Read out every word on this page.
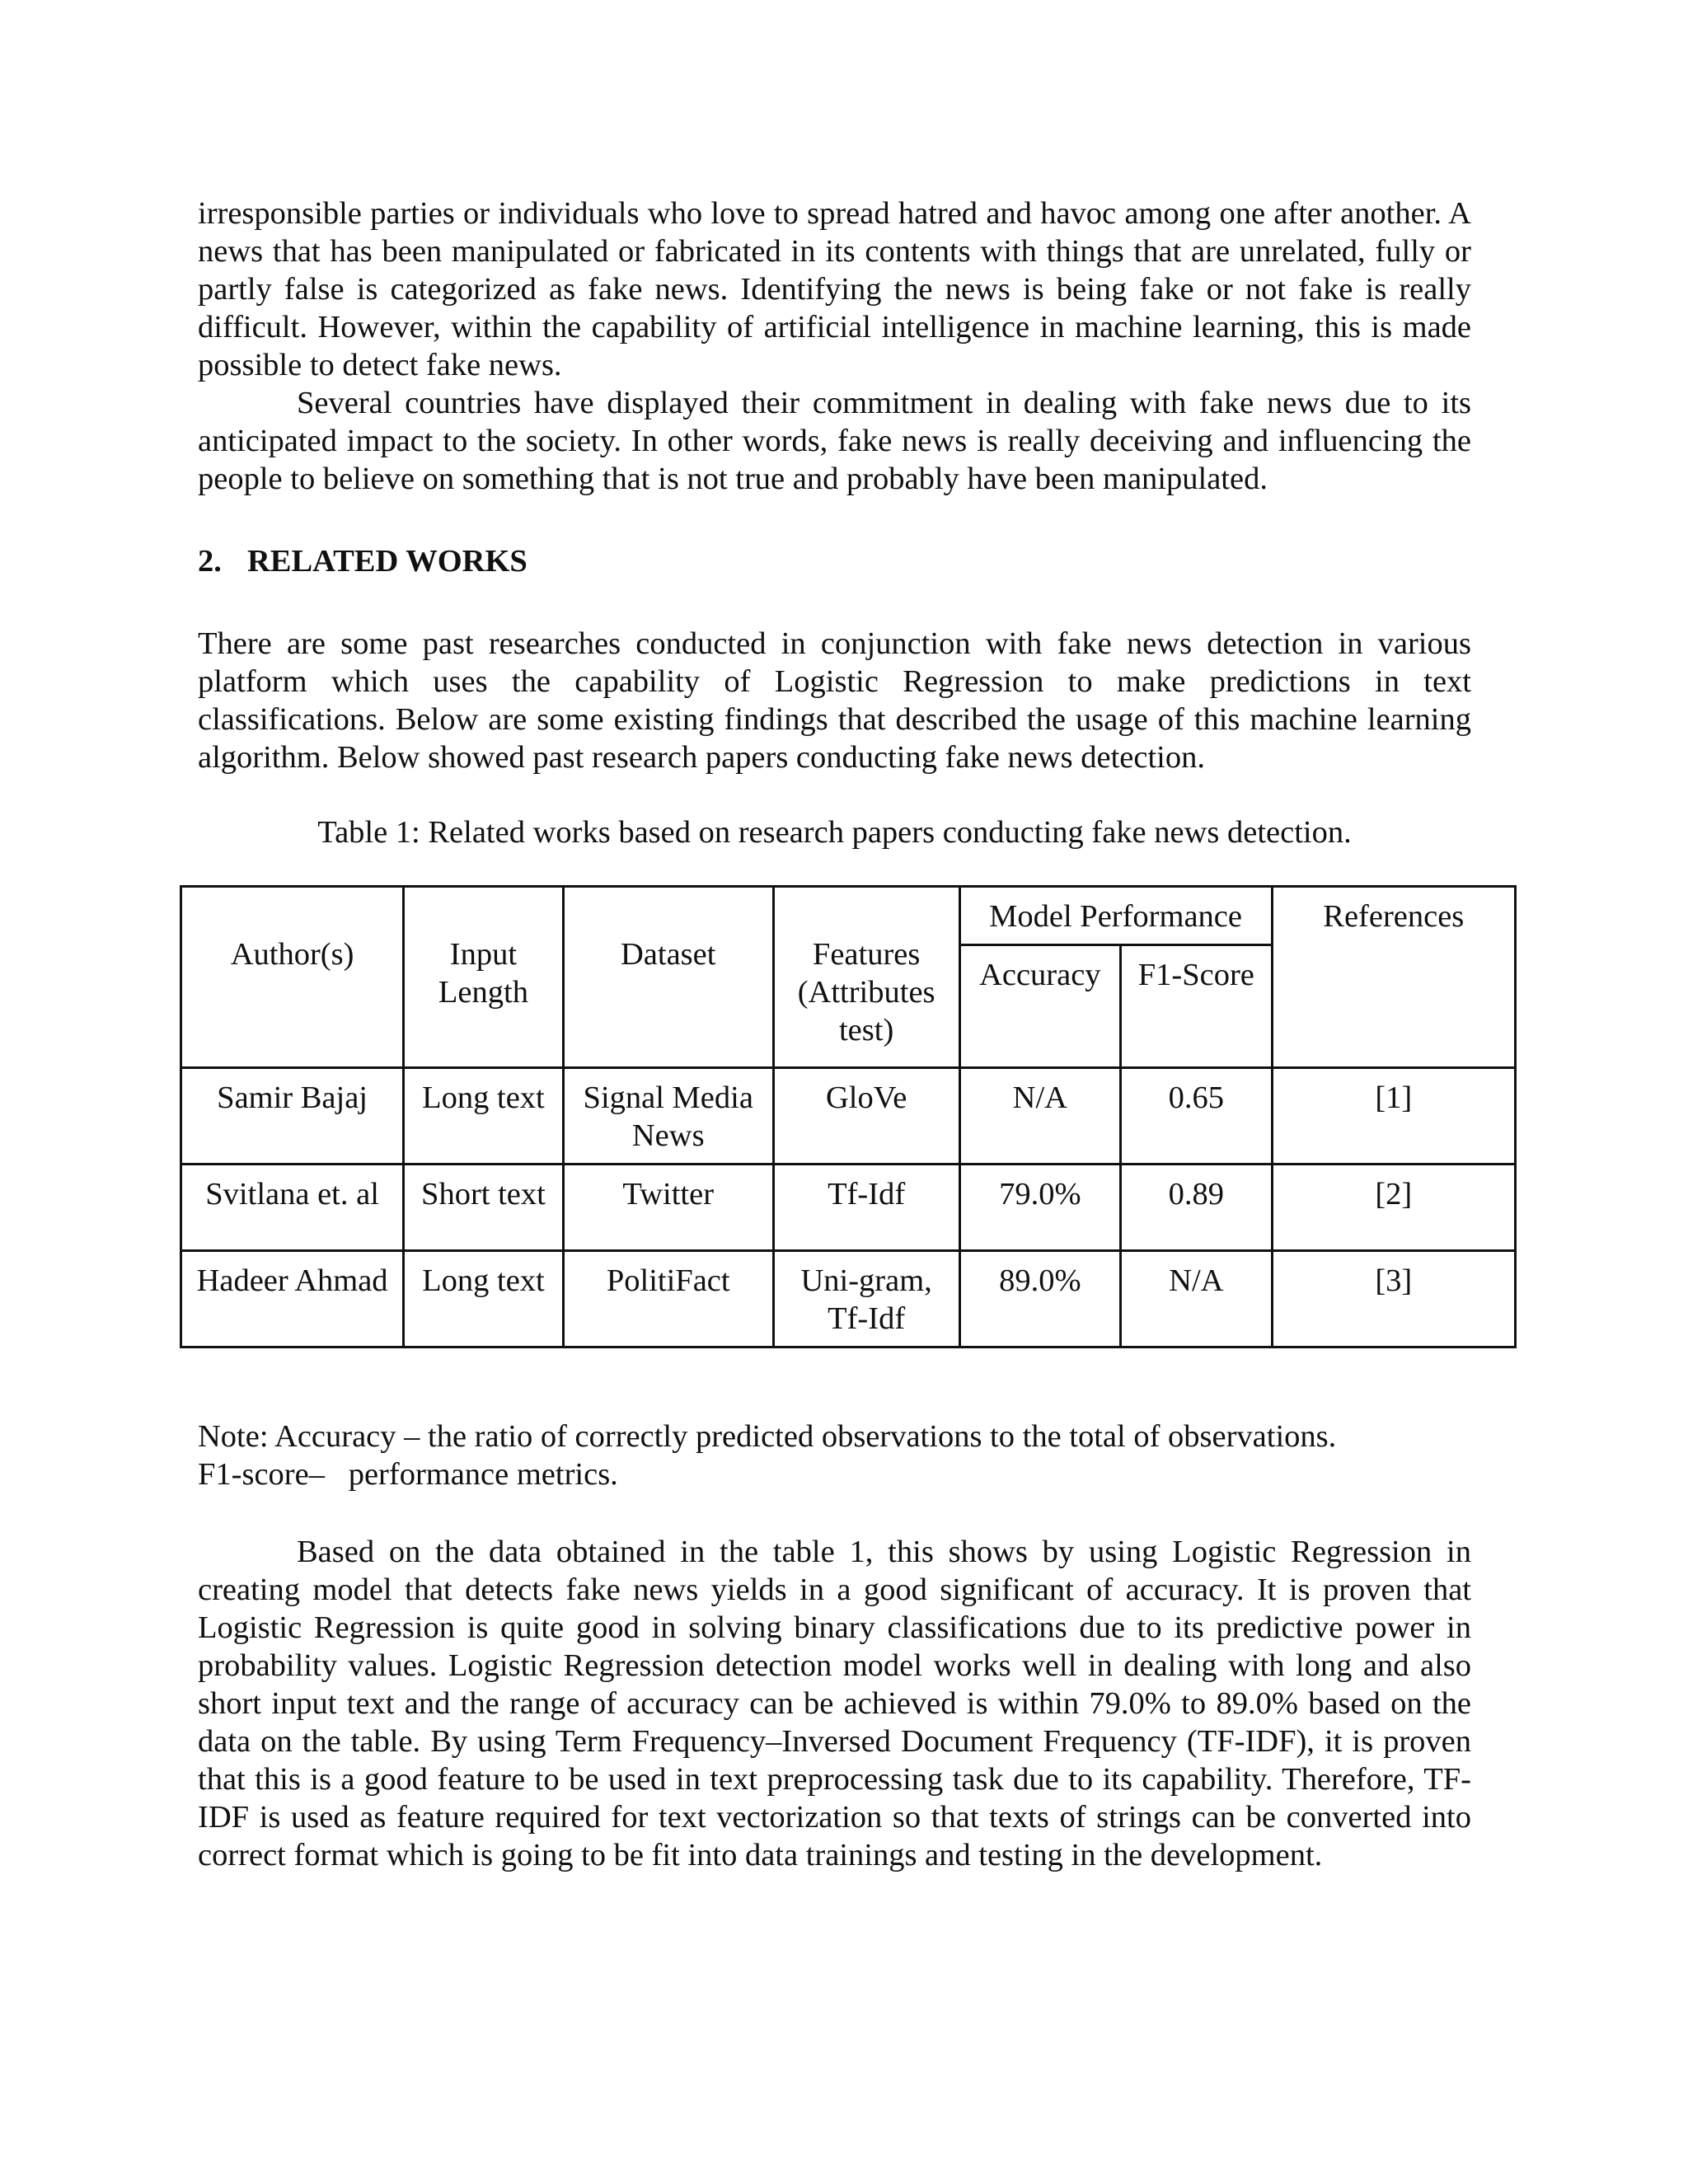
irresponsible parties or individuals who love to spread hatred and havoc among one after another. A news that has been manipulated or fabricated in its contents with things that are unrelated, fully or partly false is categorized as fake news. Identifying the news is being fake or not fake is really difficult. However, within the capability of artificial intelligence in machine learning, this is made possible to detect fake news.

Several countries have displayed their commitment in dealing with fake news due to its anticipated impact to the society. In other words, fake news is really deceiving and influencing the people to believe on something that is not true and probably have been manipulated.

2. RELATED WORKS

There are some past researches conducted in conjunction with fake news detection in various platform which uses the capability of Logistic Regression to make predictions in text classifications. Below are some existing findings that described the usage of this machine learning algorithm. Below showed past research papers conducting fake news detection.

Table 1: Related works based on research papers conducting fake news detection.
Author(s)	Input Length	Dataset	Features (Attributes test)	Model Performance		References
				Accuracy	F1-Score	
Samir Bajaj	Long text	Signal Media News	GloVe	N/A	0.65	[1]
Svitlana et. al	Short text	Twitter	Tf-Idf	79.0%	0.89	[2]
Hadeer Ahmad	Long text	PolitiFact	Uni-gram, Tf-Idf	89.0%	N/A	[3]

Note: Accuracy – the ratio of correctly predicted observations to the total of observations.

F1-score– performance metrics.

Based on the data obtained in the table 1, this shows by using Logistic Regression in creating model that detects fake news yields in a good significant of accuracy. It is proven that Logistic Regression is quite good in solving binary classifications due to its predictive power in probability values. Logistic Regression detection model works well in dealing with long and also short input text and the range of accuracy can be achieved is within 79.0% to 89.0% based on the data on the table. By using Term Frequency–Inversed Document Frequency (TF-IDF), it is proven that this is a good feature to be used in text preprocessing task due to its capability. Therefore, TF-IDF is used as feature required for text vectorization so that texts of strings can be converted into correct format which is going to be fit into data trainings and testing in the development.
